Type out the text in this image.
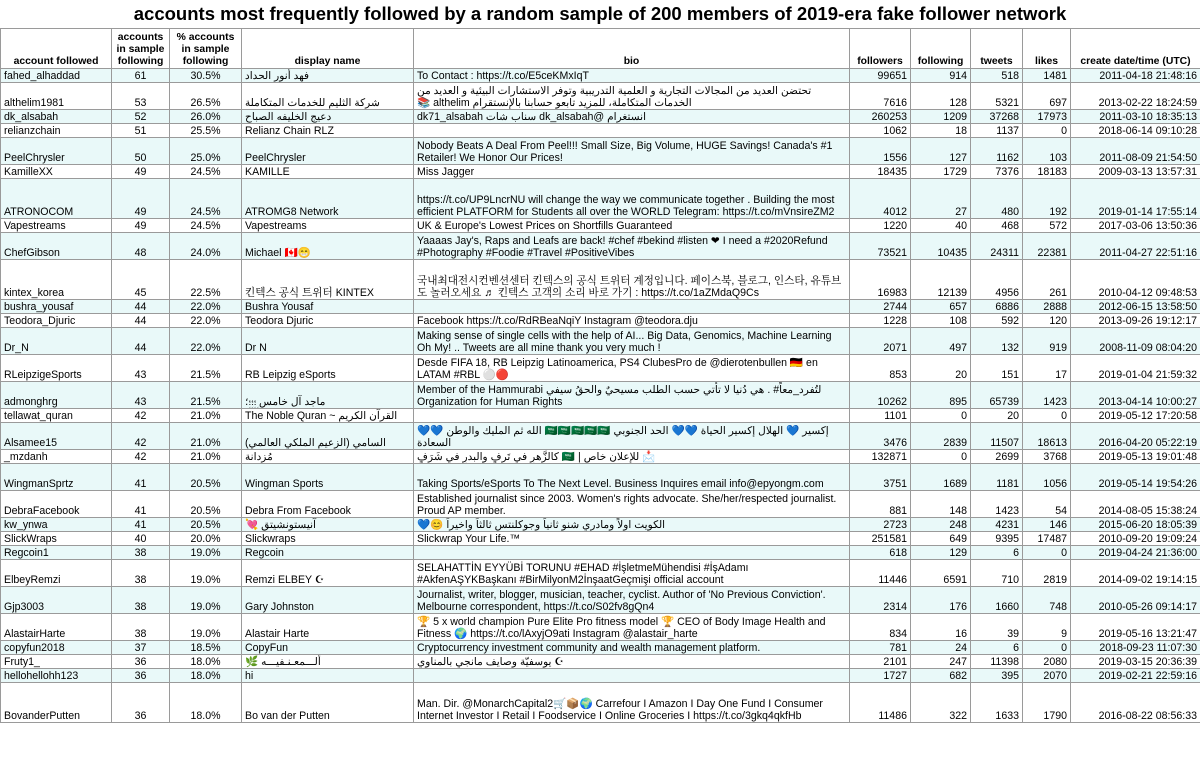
accounts most frequently followed by a random sample of 200 members of 2019-era fake follower network
account followed	accounts in sample following	% accounts in sample following	display name	bio	followers	following	tweets	likes	create date/time (UTC)
fahed_alhaddad	61	30.5%	فهد أنور الحداد	To Contact : https://t.co/E5ceKMxIqT	99651	914	518	1481	2011-04-18 21:48:16
althelim1981	53	26.5%	شركة الثليم للخدمات المتكاملة	تحتضن العديد من المجالات التجارية و العلمية التدريبية وتوفر الاستشارات البيئية و العديد من الخدمات المتكاملة، للمزيد تابعو حسابنا بالإنستقرام althelim 📚	7616	128	5321	697	2013-02-22 18:24:59
dk_alsabah	52	26.0%	دعيج الخليفه الصباح	انستغرام @dk_alsabah سناب شات dk71_alsabah	260253	1209	37268	17973	2011-03-10 18:35:13
relianzchain	51	25.5%	Relianz Chain RLZ		1062	18	1137	0	2018-06-14 09:10:28
PeelChrysler	50	25.0%	PeelChrysler	Nobody Beats A Deal From Peel!!! Small Size, Big Volume, HUGE Savings! Canada's #1 Retailer! We Honor Our Prices!	1556	127	1162	103	2011-08-09 21:54:50
KamilleXX	49	24.5%	KAMILLE	Miss Jagger	18435	1729	7376	18183	2009-03-13 13:57:31
ATRONOCOM	49	24.5%	ATROMG8 Network	https://t.co/UP9LncrNU will change the way we communicate together . Building the most efficient PLATFORM for Students all over the WORLD Telegram: https://t.co/mVnsireZM2	4012	27	480	192	2019-01-14 17:55:14
Vapestreams	49	24.5%	Vapestreams	UK & Europe's Lowest Prices on Shortfills Guaranteed	1220	40	468	572	2017-03-06 13:50:36
ChefGibson	48	24.0%	Michael 🇨🇦😁	Yaaaas Jay's, Raps and Leafs are back! #chef #bekind #listen ❤ I need a #2020Refund #Photography #Foodie #Travel #PositiveVibes	73521	10435	24311	22381	2011-04-27 22:51:16
kintex_korea	45	22.5%	킨텍스 공식 트위터 KINTEX	국내최대전시컨벤션센터 킨텍스의 공식 트위터 계정입니다. 페이스북, 블로그, 인스타, 유튜브도 놀러오세요 ♬ 킨텍스 고객의 소리 바로 가기 : https://t.co/1aZMdaQ9Cs	16983	12139	4956	261	2010-04-12 09:48:53
bushra_yousaf	44	22.0%	Bushra Yousaf		2744	657	6886	2888	2012-06-15 13:58:50
Teodora_Djuric	44	22.0%	Teodora Djuric	Facebook https://t.co/RdRBeaNqiY Instagram @teodora.dju	1228	108	592	120	2013-09-26 19:12:17
Dr_N	44	22.0%	Dr N	Making sense of single cells with the help of AI... Big Data, Genomics, Machine Learning Oh My! .. Tweets are all mine thank you very much !	2071	497	132	919	2008-11-09 08:04:20
RLeipzigeSports	43	21.5%	RB Leipzig eSports	Desde FIFA 18, RB Leipzig Latinoamerica, PS4 ClubesPro de @dierotenbullen 🇩🇪 en LATAM #RBL ⚪🔴	853	20	151	17	2019-01-04 21:59:32
admonghrg	43	21.5%	ماجد آل خامس ؚ؛ؚ؛ؚ؛ؚ؛	لتُفرد_معاً# . هي دُنيا لا تأتي حسب الطلب مسيحيٌ والحقُ سيفي Member of the Hammurabi Organization for Human Rights	10262	895	65739	1423	2013-04-14 10:00:27
tellawat_quran	42	21.0%	The Noble Quran ~ القرآن الكريم		1101	0	20	0	2019-05-12 17:20:58
Alsamee15	42	21.0%	السامي (الزعيم الملكي العالمي)	إكسير 💙 الهلال إكسير الحياة 💙💙 الحد الجنوبي 🇸🇦🇸🇦🇸🇦🇸🇦🇸🇦 الله ثم المليك والوطن 💙💙 السعادة	3476	2839	11507	18613	2016-04-20 05:22:19
_mzdanh	42	21.0%	مُزدانة	📩 للإعلان خاص | 🇸🇦 كالزَّهرِ في تَرفٍ والبدرِ في شَرَفٍ	132871	0	2699	3768	2019-05-13 19:01:48
WingmanSprtz	41	20.5%	Wingman Sports	Taking Sports/eSports To The Next Level. Business Inquires email info@epyongm.com	3751	1689	1181	1056	2019-05-14 19:54:26
DebraFacebook	41	20.5%	Debra From Facebook	Established journalist since 2003. Women's rights advocate. She/her/respected journalist. Proud AP member.	881	148	1423	54	2014-08-05 15:38:24
kw_ynwa	41	20.5%	آنيستونشيتق 💘	الكويت اولاً ومادري شنو ثانياً وجوكلنتس ثالثاً واخيراً 😊💙	2723	248	4231	146	2015-06-20 18:05:39
SlickWraps	40	20.0%	Slickwraps	Slickwrap Your Life.™	251581	649	9395	17487	2010-09-20 19:09:24
Regcoin1	38	19.0%	Regcoin		618	129	6	0	2019-04-24 21:36:00
ElbeyRemzi	38	19.0%	Remzi ELBEY ☪	SELAHATTİN EYYÜBİ TORUNU #EHAD #İşletmeMühendisi #İşAdamı #AkfenAŞYKBaşkanı #BirMilyonM2İnşaatGeçmişi official account	11446	6591	710	2819	2014-09-02 19:14:15
Gjp3003	38	19.0%	Gary Johnston	Journalist, writer, blogger, musician, teacher, cyclist. Author of 'No Previous Conviction'. Melbourne correspondent, https://t.co/S02fv8gQn4	2314	176	1660	748	2010-05-26 09:14:17
AlastairHarte	38	19.0%	Alastair Harte	🏆 5 x world champion Pure Elite Pro fitness model 🏆 CEO of Body Image Health and Fitness 🌍 https://t.co/lAxyjO9ati Instagram @alastair_harte	834	16	39	9	2019-05-16 13:21:47
copyfun2018	37	18.5%	CopyFun	Cryptocurrency investment community and wealth management platform.	781	24	6	0	2018-09-23 11:07:30
Fruty1_	36	18.0%	ألـــمعـنـفيـــه 🌿	☪ يوسفيّة وصايف مانجي بالمناوي	2101	247	11398	2080	2019-03-15 20:36:39
hellohellohh123	36	18.0%	hi		1727	682	395	2070	2019-02-21 22:59:16
BovanderPutten	36	18.0%	Bo van der Putten	Man. Dir. @MonarchCapital2🛒📦🌍 Carrefour I Amazon I Day One Fund I Consumer Internet Investor I Retail I Foodservice I Online Groceries I https://t.co/3gkq4qkfHb	11486	322	1633	1790	2016-08-22 08:56:33
